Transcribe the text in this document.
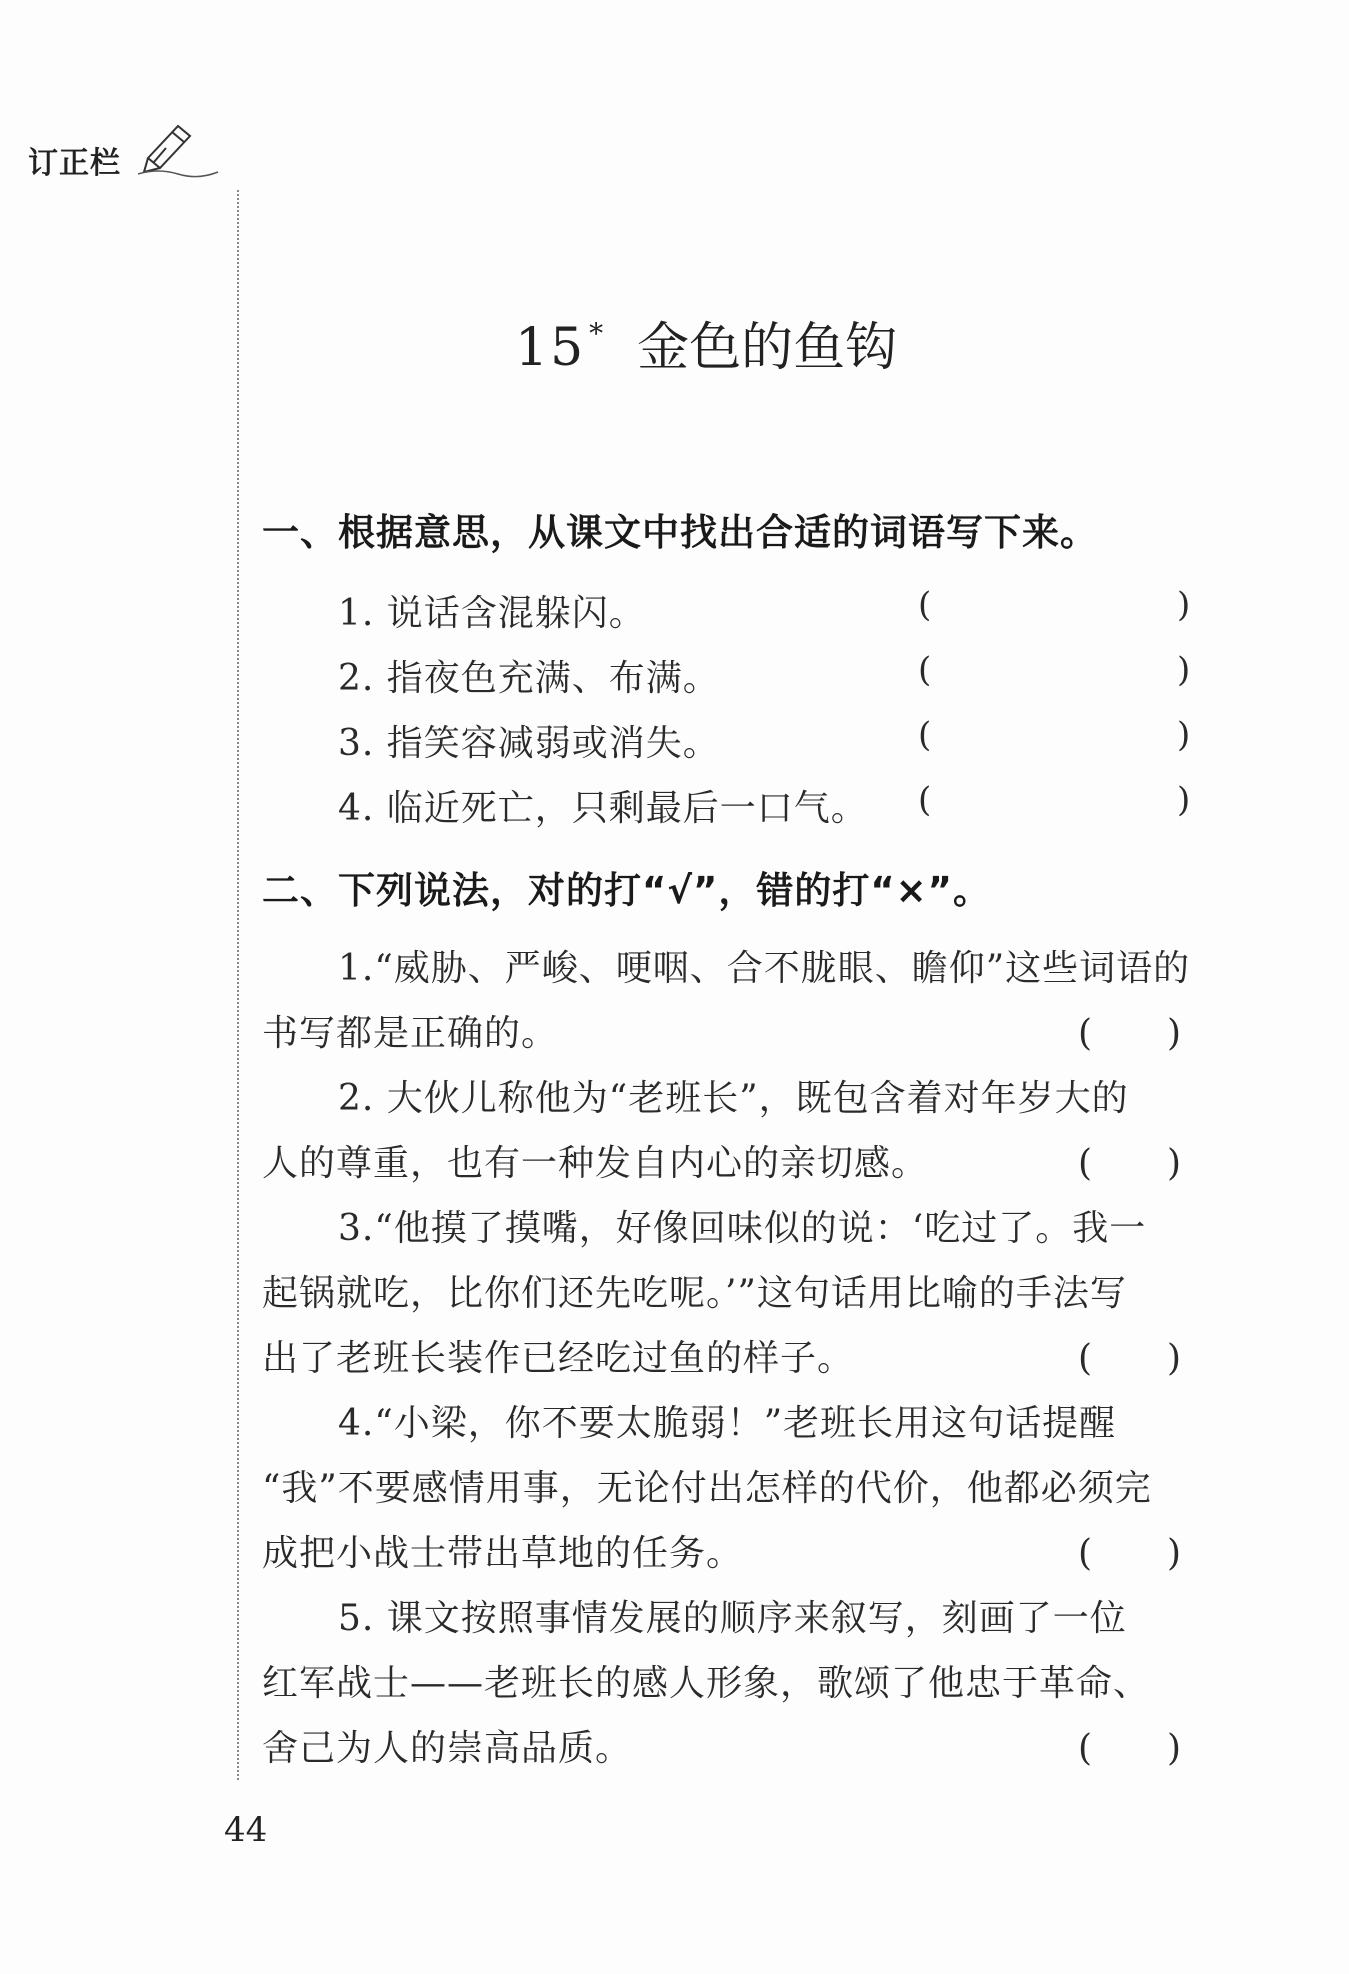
订正栏
15 * 金色的鱼钩
一、根据意思，从课文中找出合适的词语写下来。
1. 说话含混躲闪。	(	)
2. 指夜色充满、布满。	(	)
3. 指笑容减弱或消失。	(	)
4. 临近死亡，只剩最后一口气。 (	)
二、下列说法，对的打“√”，错的打“×”。
1.“威胁、严峻、哽咽、合不胧眼、瞻仰”这些词语的
书写都是正确的。	(　　)
2. 大伙儿称他为“老班长”，既包含着对年岁大的
人的尊重，也有一种发自内心的亲切感。	(　　)
3.“他摸了摸嘴，好像回味似的说：‘吃过了。我一
起锅就吃，比你们还先吃呢。’”这句话用比喻的手法写
出了老班长装作已经吃过鱼的样子。	(　　)
4.“小梁，你不要太脆弱！”老班长用这句话提醒
“我”不要感情用事，无论付出怎样的代价，他都必须完
成把小战士带出草地的任务。	(　　)
5. 课文按照事情发展的顺序来叙写，刻画了一位
红军战士——老班长的感人形象，歌颂了他忠于革命、
舍己为人的崇高品质。	(　　)
44
